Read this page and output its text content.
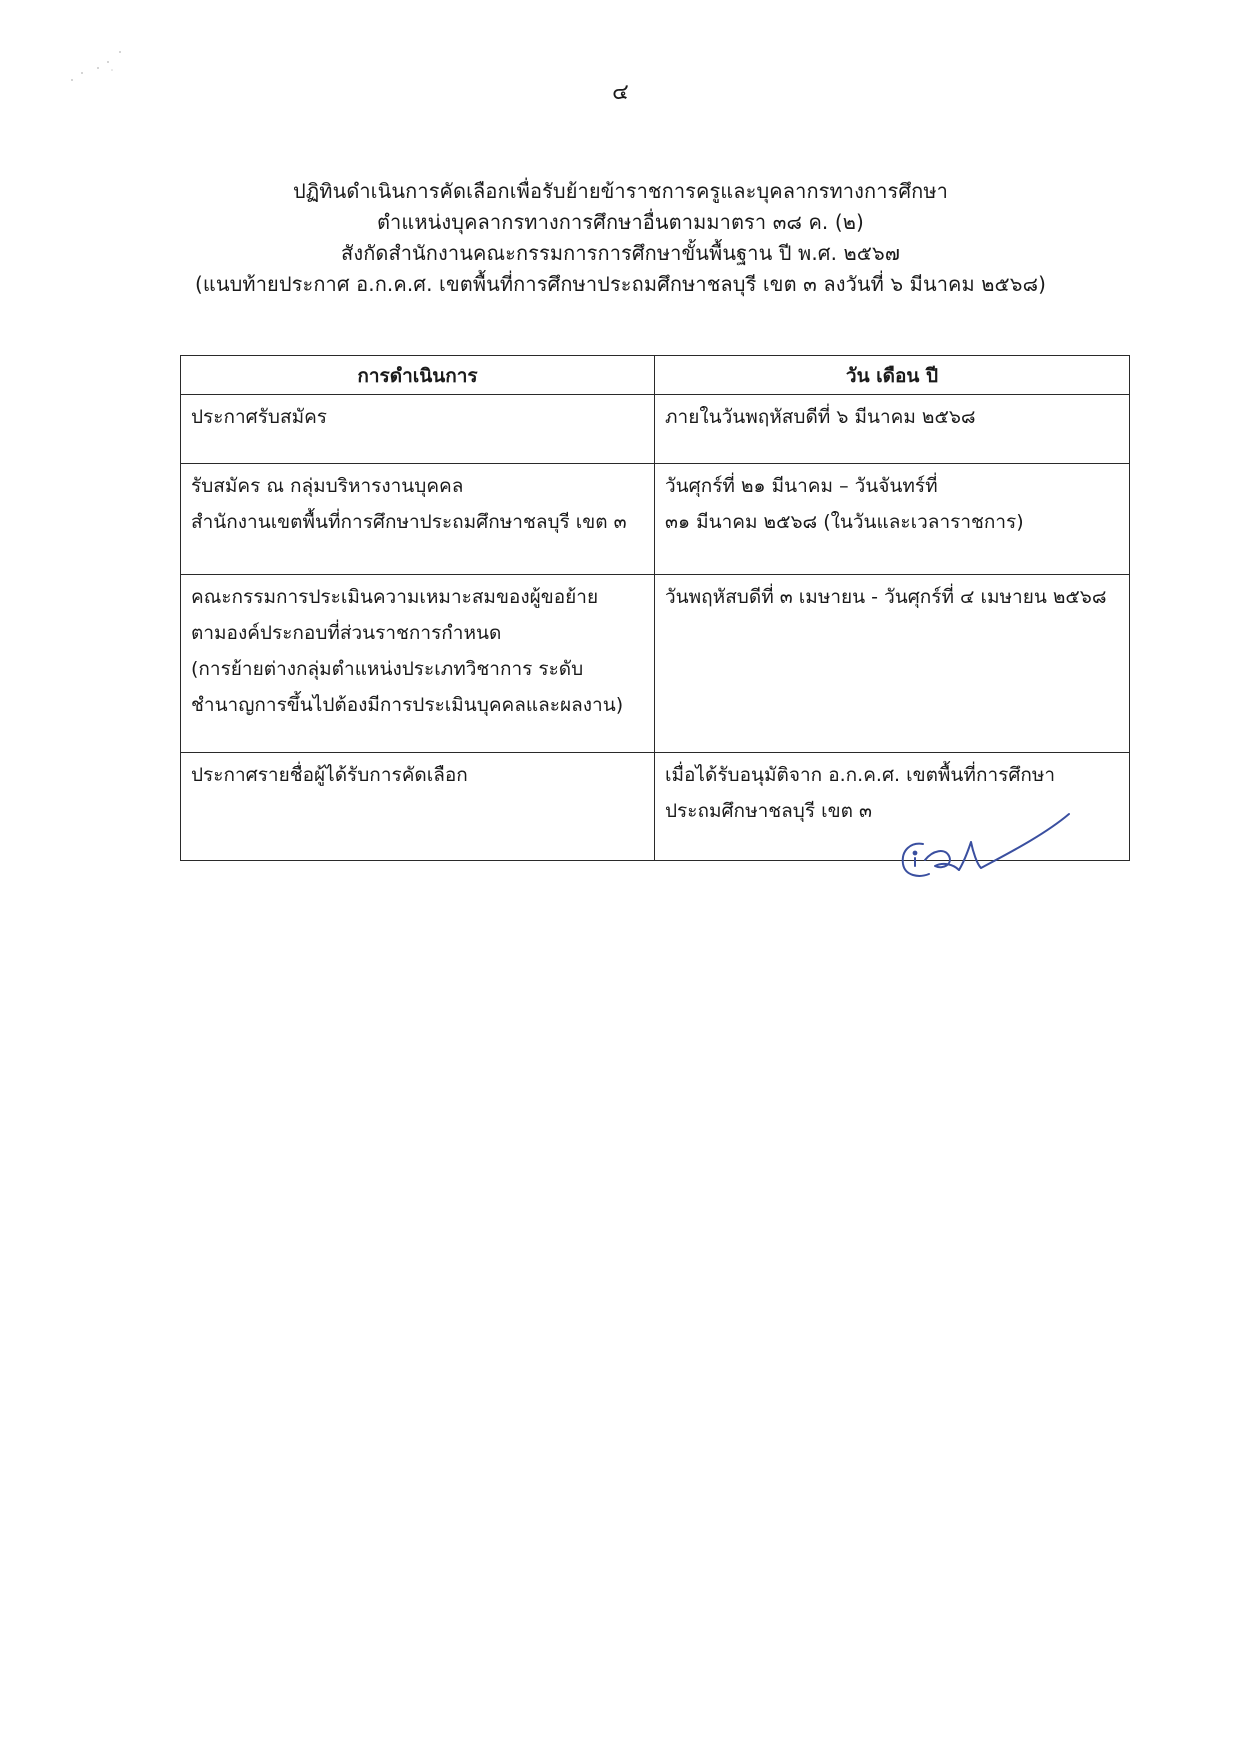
๔
ปฏิทินดำเนินการคัดเลือกเพื่อรับย้ายข้าราชการครูและบุคลากรทางการศึกษา
ตำแหน่งบุคลากรทางการศึกษาอื่นตามมาตรา ๓๘ ค. (๒)
สังกัดสำนักงานคณะกรรมการการศึกษาขั้นพื้นฐาน ปี พ.ศ. ๒๕๖๗
(แนบท้ายประกาศ อ.ก.ค.ศ. เขตพื้นที่การศึกษาประถมศึกษาชลบุรี เขต ๓ ลงวันที่ ๖ มีนาคม ๒๕๖๘)
การดำเนินการ	วัน เดือน ปี

ประกาศรับสมัคร	ภายในวันพฤหัสบดีที่ ๖ มีนาคม ๒๕๖๘

รับสมัคร ณ กลุ่มบริหารงานบุคคล
สำนักงานเขตพื้นที่การศึกษาประถมศึกษาชลบุรี เขต ๓	วันศุกร์ที่ ๒๑ มีนาคม – วันจันทร์ที่
๓๑ มีนาคม ๒๕๖๘ (ในวันและเวลาราชการ)

คณะกรรมการประเมินความเหมาะสมของผู้ขอย้าย
ตามองค์ประกอบที่ส่วนราชการกำหนด
(การย้ายต่างกลุ่มตำแหน่งประเภทวิชาการ ระดับ
ชำนาญการขึ้นไปต้องมีการประเมินบุคคลและผลงาน)	วันพฤหัสบดีที่ ๓ เมษายน - วันศุกร์ที่ ๔ เมษายน ๒๕๖๘

ประกาศรายชื่อผู้ได้รับการคัดเลือก	เมื่อได้รับอนุมัติจาก อ.ก.ค.ศ. เขตพื้นที่การศึกษา
ประถมศึกษาชลบุรี เขต ๓
